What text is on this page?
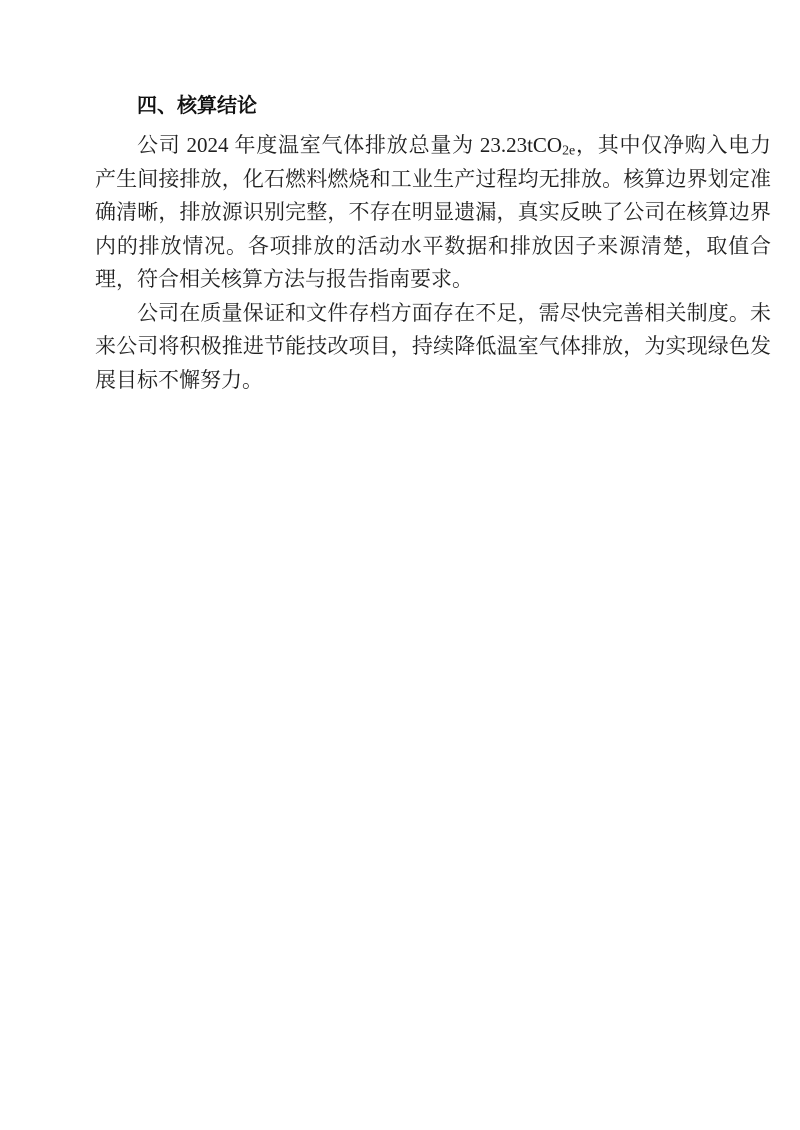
四、核算结论

公司 2024 年度温室气体排放总量为 23.23tCO$_{2e}$，其中仅净购入电力产生间接排放，化石燃料燃烧和工业生产过程均无排放。核算边界划定准确清晰，排放源识别完整，不存在明显遗漏，真实反映了公司在核算边界内的排放情况。各项排放的活动水平数据和排放因子来源清楚，取值合理，符合相关核算方法与报告指南要求。

公司在质量保证和文件存档方面存在不足，需尽快完善相关制度。未来公司将积极推进节能技改项目，持续降低温室气体排放，为实现绿色发展目标不懈努力。
